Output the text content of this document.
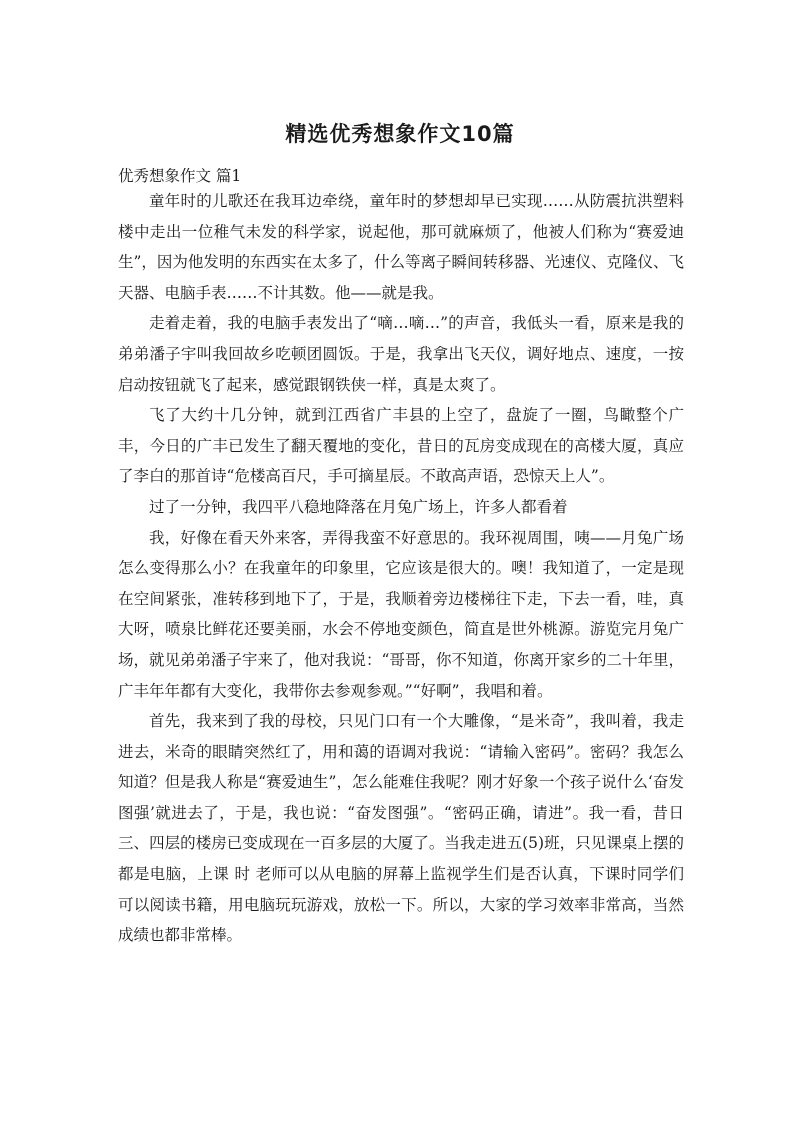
精选优秀想象作文10篇

优秀想象作文 篇1

童年时的儿歌还在我耳边牵绕，童年时的梦想却早已实现……从防震抗洪塑料楼中走出一位稚气未发的科学家，说起他，那可就麻烦了，他被人们称为“赛爱迪生”，因为他发明的东西实在太多了，什么等离子瞬间转移器、光速仪、克隆仪、飞天器、电脑手表……不计其数。他——就是我。

走着走着，我的电脑手表发出了“嘀…嘀…”的声音，我低头一看，原来是我的弟弟潘子宇叫我回故乡吃顿团圆饭。于是，我拿出飞天仪，调好地点、速度，一按启动按钮就飞了起来，感觉跟钢铁侠一样，真是太爽了。

飞了大约十几分钟，就到江西省广丰县的上空了，盘旋了一圈，鸟瞰整个广丰，今日的广丰已发生了翻天覆地的变化，昔日的瓦房变成现在的高楼大厦，真应了李白的那首诗“危楼高百尺，手可摘星辰。不敢高声语，恐惊天上人”。

过了一分钟，我四平八稳地降落在月兔广场上，许多人都看着

我，好像在看天外来客，弄得我蛮不好意思的。我环视周围，咦——月兔广场怎么变得那么小？在我童年的印象里，它应该是很大的。噢！我知道了，一定是现在空间紧张，准转移到地下了，于是，我顺着旁边楼梯往下走，下去一看，哇，真大呀，喷泉比鲜花还要美丽，水会不停地变颜色，简直是世外桃源。游览完月兔广场，就见弟弟潘子宇来了，他对我说：“哥哥，你不知道，你离开家乡的二十年里，广丰年年都有大变化，我带你去参观参观。”“好啊”，我唱和着。

首先，我来到了我的母校，只见门口有一个大雕像，“是米奇”，我叫着，我走进去，米奇的眼睛突然红了，用和蔼的语调对我说：“请输入密码”。密码？我怎么知道？但是我人称是“赛爱迪生”，怎么能难住我呢？刚才好象一个孩子说什么‘奋发图强’就进去了，于是，我也说：“奋发图强”。“密码正确，请进”。我一看，昔日三、四层的楼房已变成现在一百多层的大厦了。当我走进五(5)班，只见课桌上摆的都是电脑，上课 时 老师可以从电脑的屏幕上监视学生们是否认真，下课时同学们可以阅读书籍，用电脑玩玩游戏，放松一下。所以，大家的学习效率非常高，当然成绩也都非常棒。
